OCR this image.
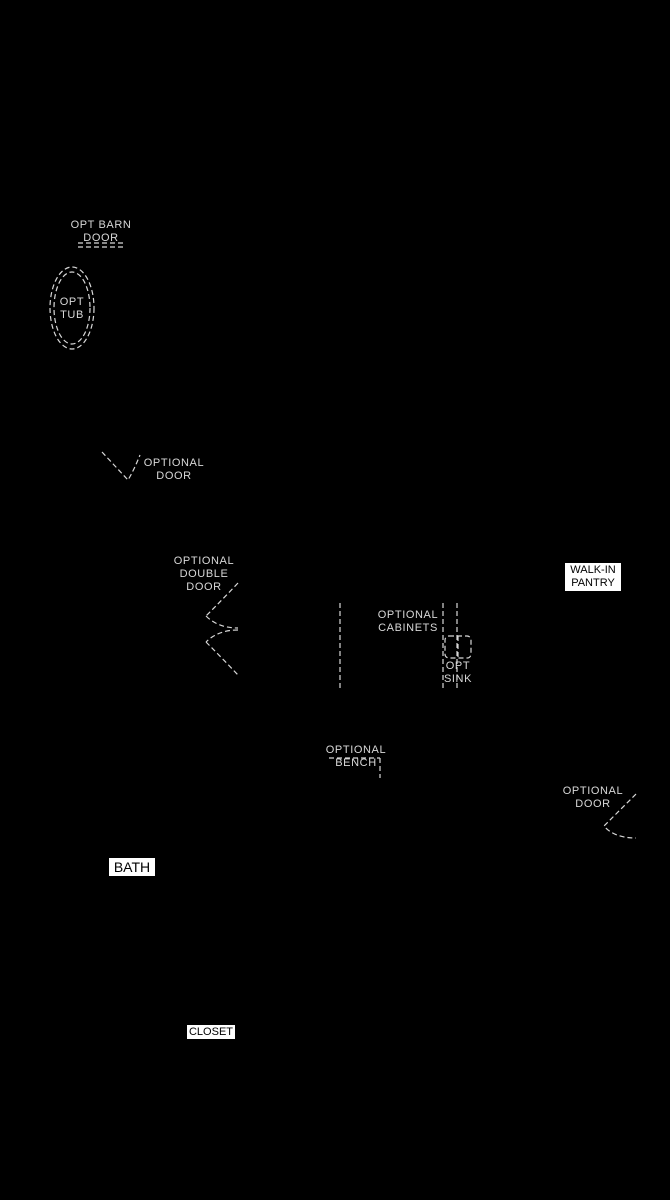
OPT BARN
DOOR
OPT
TUB
OPTIONAL
DOOR
OPTIONAL
DOUBLE
DOOR
OPTIONAL
CABINETS
OPT
SINK
WALK-IN
PANTRY
OPTIONAL
BENCH
OPTIONAL
DOOR
BATH
CLOSET
